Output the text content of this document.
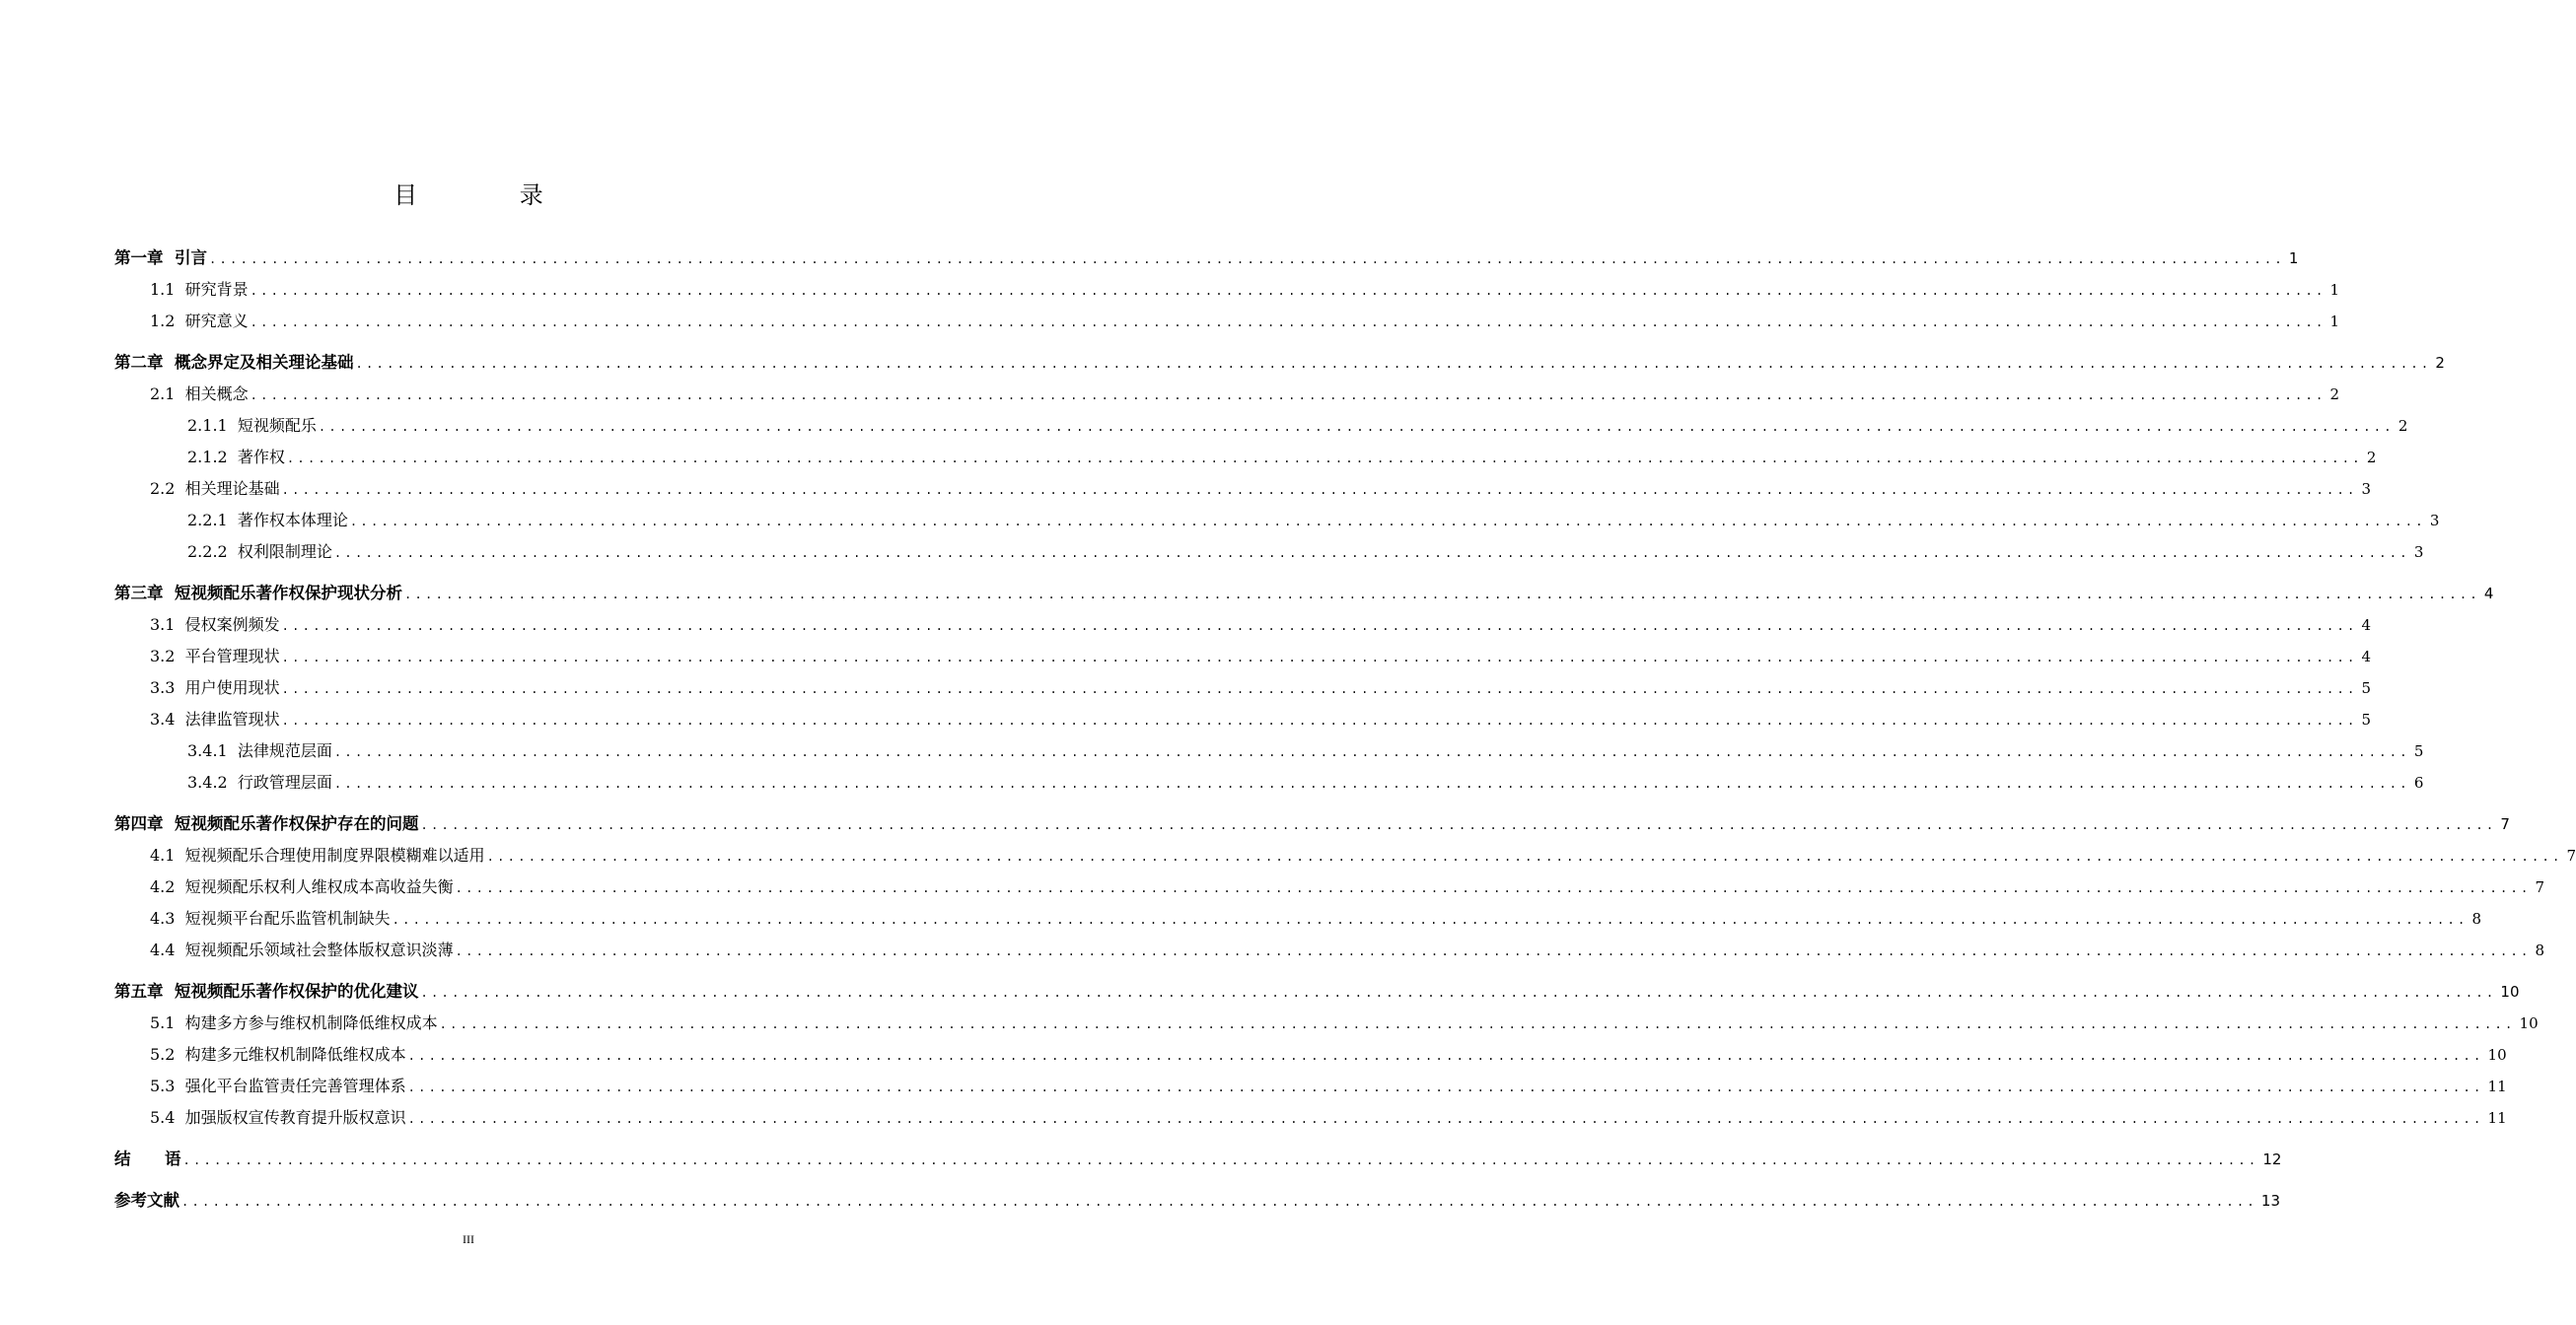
目 录
第一章  引言 ........................................................................................................................................................................................................ 1
1.1  研究背景 ........................................................................................................................................................................................................ 1
1.2  研究意义 ........................................................................................................................................................................................................ 1
第二章  概念界定及相关理论基础 ........................................................................................................................................................................................................ 2
2.1  相关概念 ........................................................................................................................................................................................................ 2
2.1.1  短视频配乐 ........................................................................................................................................................................................................ 2
2.1.2  著作权 ........................................................................................................................................................................................................ 2
2.2  相关理论基础 ........................................................................................................................................................................................................ 3
2.2.1  著作权本体理论 ........................................................................................................................................................................................................ 3
2.2.2  权利限制理论 ........................................................................................................................................................................................................ 3
第三章  短视频配乐著作权保护现状分析 ........................................................................................................................................................................................................ 4
3.1  侵权案例频发 ........................................................................................................................................................................................................ 4
3.2  平台管理现状 ........................................................................................................................................................................................................ 4
3.3  用户使用现状 ........................................................................................................................................................................................................ 5
3.4  法律监管现状 ........................................................................................................................................................................................................ 5
3.4.1  法律规范层面 ........................................................................................................................................................................................................ 5
3.4.2  行政管理层面 ........................................................................................................................................................................................................ 6
第四章  短视频配乐著作权保护存在的问题 ........................................................................................................................................................................................................ 7
4.1  短视频配乐合理使用制度界限模糊难以适用 ........................................................................................................................................................................................................ 7
4.2  短视频配乐权利人维权成本高收益失衡 ........................................................................................................................................................................................................ 7
4.3  短视频平台配乐监管机制缺失 ........................................................................................................................................................................................................ 8
4.4  短视频配乐领域社会整体版权意识淡薄 ........................................................................................................................................................................................................ 8
第五章  短视频配乐著作权保护的优化建议 ........................................................................................................................................................................................................ 10
5.1  构建多方参与维权机制降低维权成本 ........................................................................................................................................................................................................ 10
5.2  构建多元维权机制降低维权成本 ........................................................................................................................................................................................................ 10
5.3  强化平台监管责任完善管理体系 ........................................................................................................................................................................................................ 11
5.4  加强版权宣传教育提升版权意识 ........................................................................................................................................................................................................ 11
结      语 ........................................................................................................................................................................................................ 12
参考文献 ........................................................................................................................................................................................................ 13
III
